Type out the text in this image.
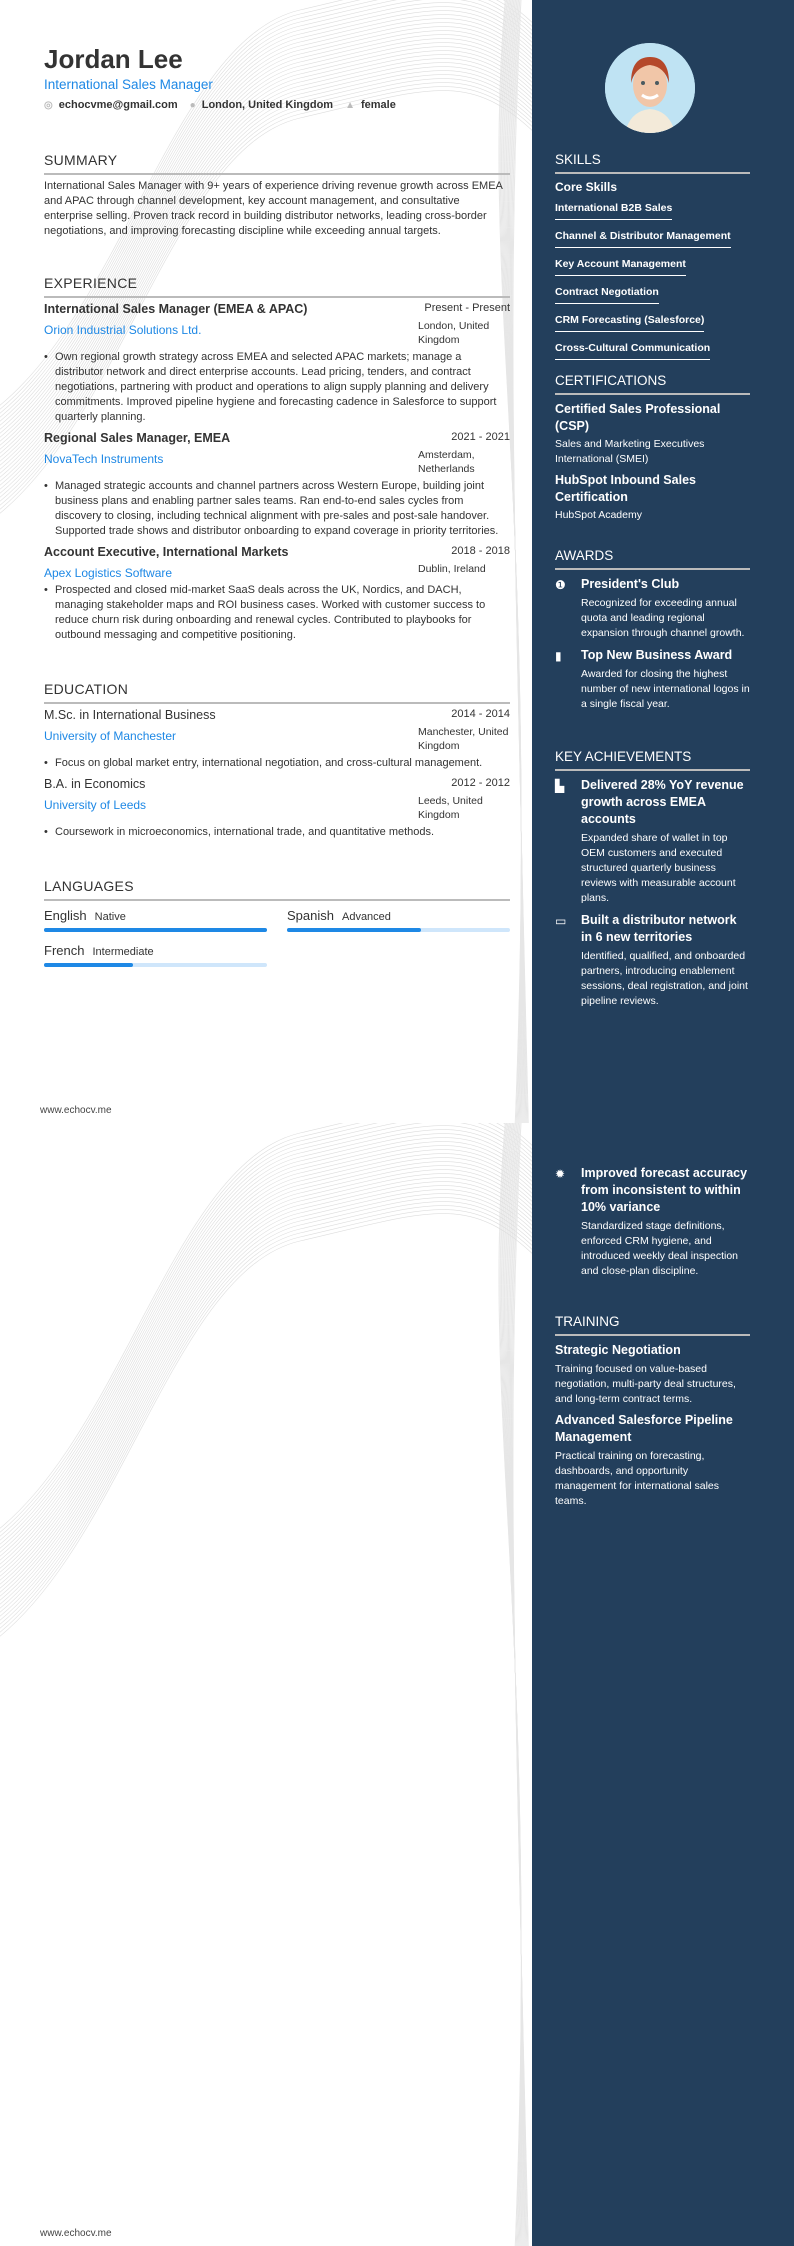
Jordan Lee
International Sales Manager
◎ echocvme@gmail.com ● London, United Kingdom ▲ female
SUMMARY
International Sales Manager with 9+ years of experience driving revenue growth across EMEA and APAC through channel development, key account management, and consultative enterprise selling. Proven track record in building distributor networks, leading cross-border negotiations, and improving forecasting discipline while exceeding annual targets.
EXPERIENCE
International Sales Manager (EMEA & APAC)	Present - Present
Orion Industrial Solutions Ltd.	London, United Kingdom
• Own regional growth strategy across EMEA and selected APAC markets; manage a distributor network and direct enterprise accounts. Lead pricing, tenders, and contract negotiations, partnering with product and operations to align supply planning and delivery commitments. Improved pipeline hygiene and forecasting cadence in Salesforce to support quarterly planning.
Regional Sales Manager, EMEA	2021 - 2021
NovaTech Instruments	Amsterdam, Netherlands
• Managed strategic accounts and channel partners across Western Europe, building joint business plans and enabling partner sales teams. Ran end-to-end sales cycles from discovery to closing, including technical alignment with pre-sales and post-sale handover. Supported trade shows and distributor onboarding to expand coverage in priority territories.
Account Executive, International Markets	2018 - 2018
Apex Logistics Software	Dublin, Ireland
• Prospected and closed mid-market SaaS deals across the UK, Nordics, and DACH, managing stakeholder maps and ROI business cases. Worked with customer success to reduce churn risk during onboarding and renewal cycles. Contributed to playbooks for outbound messaging and competitive positioning.
EDUCATION
M.Sc. in International Business	2014 - 2014
University of Manchester	Manchester, United Kingdom
• Focus on global market entry, international negotiation, and cross-cultural management.
B.A. in Economics	2012 - 2012
University of Leeds	Leeds, United Kingdom
• Coursework in microeconomics, international trade, and quantitative methods.
LANGUAGES
English Native	Spanish Advanced
French Intermediate
www.echocv.me
www.echocv.me
SKILLS
Core Skills
International B2B Sales
Channel & Distributor Management
Key Account Management
Contract Negotiation
CRM Forecasting (Salesforce)
Cross-Cultural Communication
CERTIFICATIONS
Certified Sales Professional (CSP)
Sales and Marketing Executives International (SMEI)
HubSpot Inbound Sales Certification
HubSpot Academy
AWARDS
❶	President's Club
Recognized for exceeding annual quota and leading regional expansion through channel growth.
▮	Top New Business Award
Awarded for closing the highest number of new international logos in a single fiscal year.
KEY ACHIEVEMENTS
▙	Delivered 28% YoY revenue growth across EMEA accounts
Expanded share of wallet in top OEM customers and executed structured quarterly business reviews with measurable account plans.
▭	Built a distributor network in 6 new territories
Identified, qualified, and onboarded partners, introducing enablement sessions, deal registration, and joint pipeline reviews.
✹	Improved forecast accuracy from inconsistent to within 10% variance
Standardized stage definitions, enforced CRM hygiene, and introduced weekly deal inspection and close-plan discipline.
TRAINING
Strategic Negotiation
Training focused on value-based negotiation, multi-party deal structures, and long-term contract terms.
Advanced Salesforce Pipeline Management
Practical training on forecasting, dashboards, and opportunity management for international sales teams.
